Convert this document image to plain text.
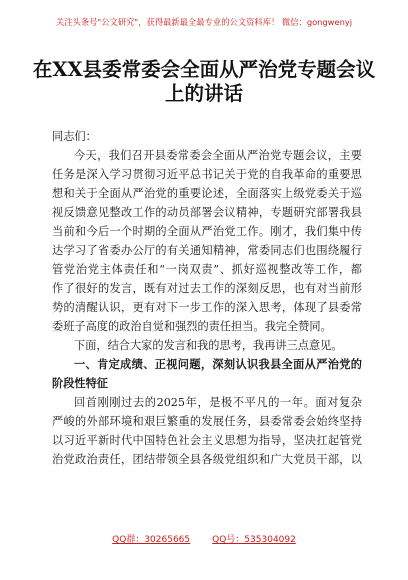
关注头条号"公文研究"，获得最新最全最专业的公文资料库！ 微信：gongwenyj
在XX县委常委会全面从严治党专题会议
上的讲话
同志们：
今天，我们召开县委常委会全面从严治党专题会议，主要
任务是深入学习贯彻习近平总书记关于党的自我革命的重要思
想和关于全面从严治党的重要论述，全面落实上级党委关于巡
视反馈意见整改工作的动员部署会议精神，专题研究部署我县
当前和今后一个时期的全面从严治党工作。刚才，我们集中传
达学习了省委办公厅的有关通知精神，常委同志们也围绕履行
管党治党主体责任和“一岗双责”、抓好巡视整改等工作，都
作了很好的发言，既有对过去工作的深刻反思，也有对当前形
势的清醒认识，更有对下一步工作的深入思考，体现了县委常
委班子高度的政治自觉和强烈的责任担当。我完全赞同。
下面，结合大家的发言和我的思考，我再讲三点意见。
一、肯定成绩、正视问题，深刻认识我县全面从严治党的
阶段性特征
回首刚刚过去的2025年，是极不平凡的一年。面对复杂
严峻的外部环境和艰巨繁重的发展任务，县委常委会始终坚持
以习近平新时代中国特色社会主义思想为指导，坚决扛起管党
治党政治责任，团结带领全县各级党组织和广大党员干部，以
QQ群：30265665 QQ号：535304092
